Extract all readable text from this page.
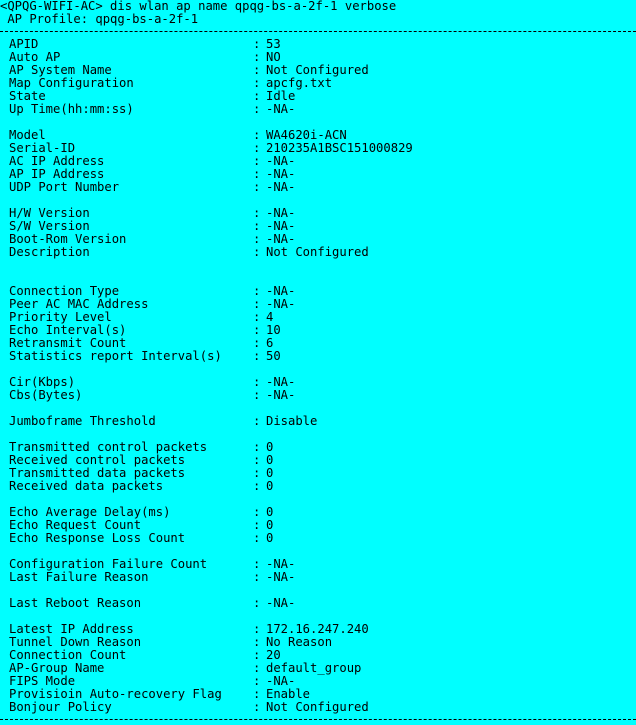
<QPQG-WIFI-AC> dis wlan ap name qpqg-bs-a-2f-1 verbose
AP Profile: qpqg-bs-a-2f-1
APID	: 53
Auto AP	: NO
AP System Name	: Not Configured
Map Configuration	: apcfg.txt
State	: Idle
Up Time(hh:mm:ss)	: -NA-
Model	: WA4620i-ACN
Serial-ID	: 210235A1BSC151000829
AC IP Address	: -NA-
AP IP Address	: -NA-
UDP Port Number	: -NA-
H/W Version	: -NA-
S/W Version	: -NA-
Boot-Rom Version	: -NA-
Description	: Not Configured
Connection Type	: -NA-
Peer AC MAC Address	: -NA-
Priority Level	: 4
Echo Interval(s)	: 10
Retransmit Count	: 6
Statistics report Interval(s)	: 50
Cir(Kbps)	: -NA-
Cbs(Bytes)	: -NA-
Jumboframe Threshold	: Disable
Transmitted control packets	: 0
Received control packets	: 0
Transmitted data packets	: 0
Received data packets	: 0
Echo Average Delay(ms)	: 0
Echo Request Count	: 0
Echo Response Loss Count	: 0
Configuration Failure Count	: -NA-
Last Failure Reason	: -NA-
Last Reboot Reason	: -NA-
Latest IP Address	: 172.16.247.240
Tunnel Down Reason	: No Reason
Connection Count	: 20
AP-Group Name	: default_group
FIPS Mode	: -NA-
Provisioin Auto-recovery Flag	: Enable
Bonjour Policy	: Not Configured
